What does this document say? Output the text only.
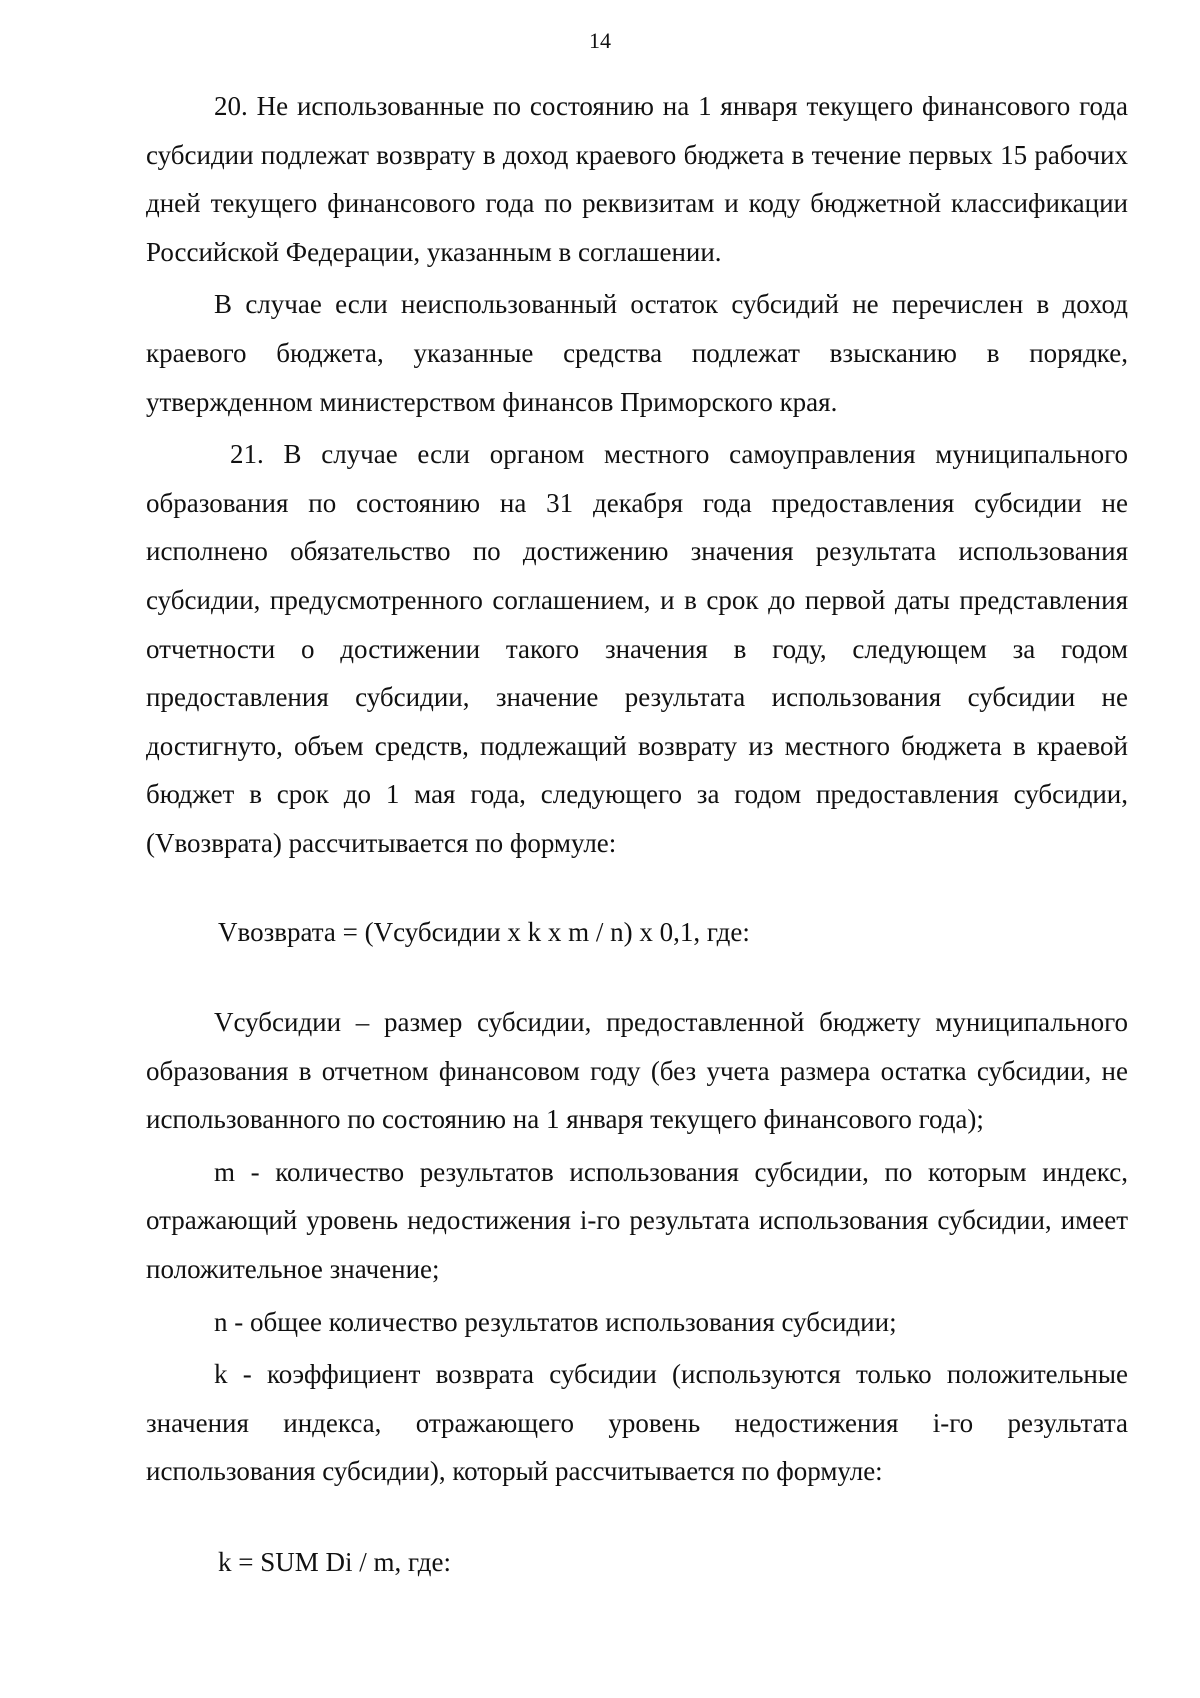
14

20. Не использованные по состоянию на 1 января текущего финансового года субсидии подлежат возврату в доход краевого бюджета в течение первых 15 рабочих дней текущего финансового года по реквизитам и коду бюджетной классификации Российской Федерации, указанным в соглашении.

В случае если неиспользованный остаток субсидий не перечислен в доход краевого бюджета, указанные средства подлежат взысканию в порядке, утвержденном министерством финансов Приморского края.

21. В случае если органом местного самоуправления муниципального образования по состоянию на 31 декабря года предоставления субсидии не исполнено обязательство по достижению значения результата использования субсидии, предусмотренного соглашением, и в срок до первой даты представления отчетности о достижении такого значения в году, следующем за годом предоставления субсидии, значение результата использования субсидии не достигнуто, объем средств, подлежащий возврату из местного бюджета в краевой бюджет в срок до 1 мая года, следующего за годом предоставления субсидии, (Vвозврата) рассчитывается по формуле:

Vвозврата = (Vсубсидии x k x m / n) x 0,1, где:

Vсубсидии – размер субсидии, предоставленной бюджету муниципального образования в отчетном финансовом году (без учета размера остатка субсидии, не использованного по состоянию на 1 января текущего финансового года);

m - количество результатов использования субсидии, по которым индекс, отражающий уровень недостижения i-го результата использования субсидии, имеет положительное значение;

n - общее количество результатов использования субсидии;

k - коэффициент возврата субсидии (используются только положительные значения индекса, отражающего уровень недостижения i-го результата использования субсидии), который рассчитывается по формуле:

k = SUM Di / m, где:
